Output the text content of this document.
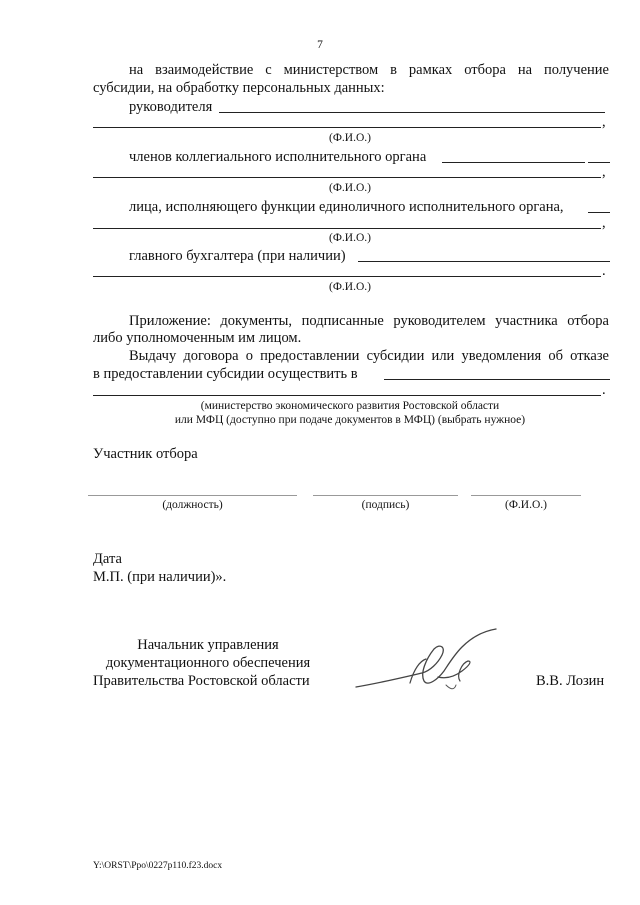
7
на взаимодействие с министерством в рамках отбора на получение
субсидии, на обработку персональных данных:
руководителя
,
(Ф.И.О.)
членов коллегиального исполнительного органа
,
(Ф.И.О.)
лица, исполняющего функции единоличного исполнительного органа,
,
(Ф.И.О.)
главного бухгалтера (при наличии)
.
(Ф.И.О.)
Приложение: документы, подписанные руководителем участника отбора
либо уполномоченным им лицом.
Выдачу договора о предоставлении субсидии или уведомления об отказе
в предоставлении субсидии осуществить в
.
(министерство экономического развития Ростовской области
или МФЦ (доступно при подаче документов в МФЦ) (выбрать нужное)
Участник отбора
(должность)	(подпись)	(Ф.И.О.)
Дата
М.П. (при наличии)».
Начальник управления
документационного обеспечения
Правительства Ростовской области	В.В. Лозин
Y:\ORST\Ppo\0227p110.f23.docx
